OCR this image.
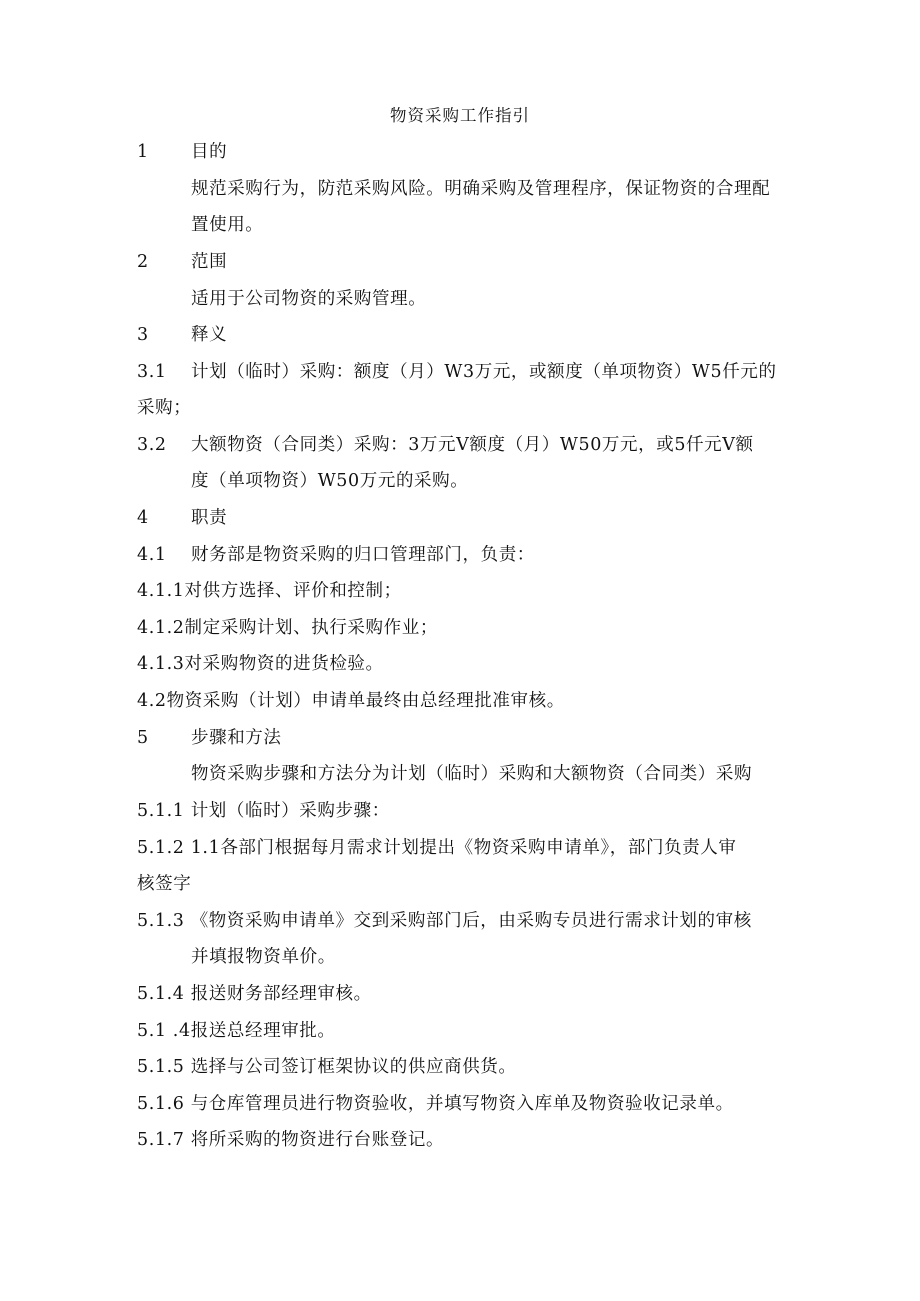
物资采购工作指引
1 目的
规范采购行为，防范采购风险。明确采购及管理程序，保证物资的合理配
置使用。
2 范围
适用于公司物资的采购管理。
3 释义
3.1 计划（临时）采购：额度（月）W3万元，或额度（单项物资）W5仟元的
采购；
3.2 大额物资（合同类）采购：3万元V额度（月）W50万元，或5仟元V额
度（单项物资）W50万元的采购。
4 职责
4.1 财务部是物资采购的归口管理部门，负责：
4.1.1对供方选择、评价和控制；
4.1.2制定采购计划、执行采购作业；
4.1.3对采购物资的进货检验。
4.2物资采购（计划）申请单最终由总经理批准审核。
5 步骤和方法
物资采购步骤和方法分为计划（临时）采购和大额物资（合同类）采购
5.1.1 计划（临时）采购步骤：
5.1.2 1.1各部门根据每月需求计划提出《物资采购申请单》，部门负责人审
核签字
5.1.3 《物资采购申请单》交到采购部门后，由采购专员进行需求计划的审核
并填报物资单价。
5.1.4 报送财务部经理审核。
5.1 .4报送总经理审批。
5.1.5 选择与公司签订框架协议的供应商供货。
5.1.6 与仓库管理员进行物资验收，并填写物资入库单及物资验收记录单。
5.1.7 将所采购的物资进行台账登记。
